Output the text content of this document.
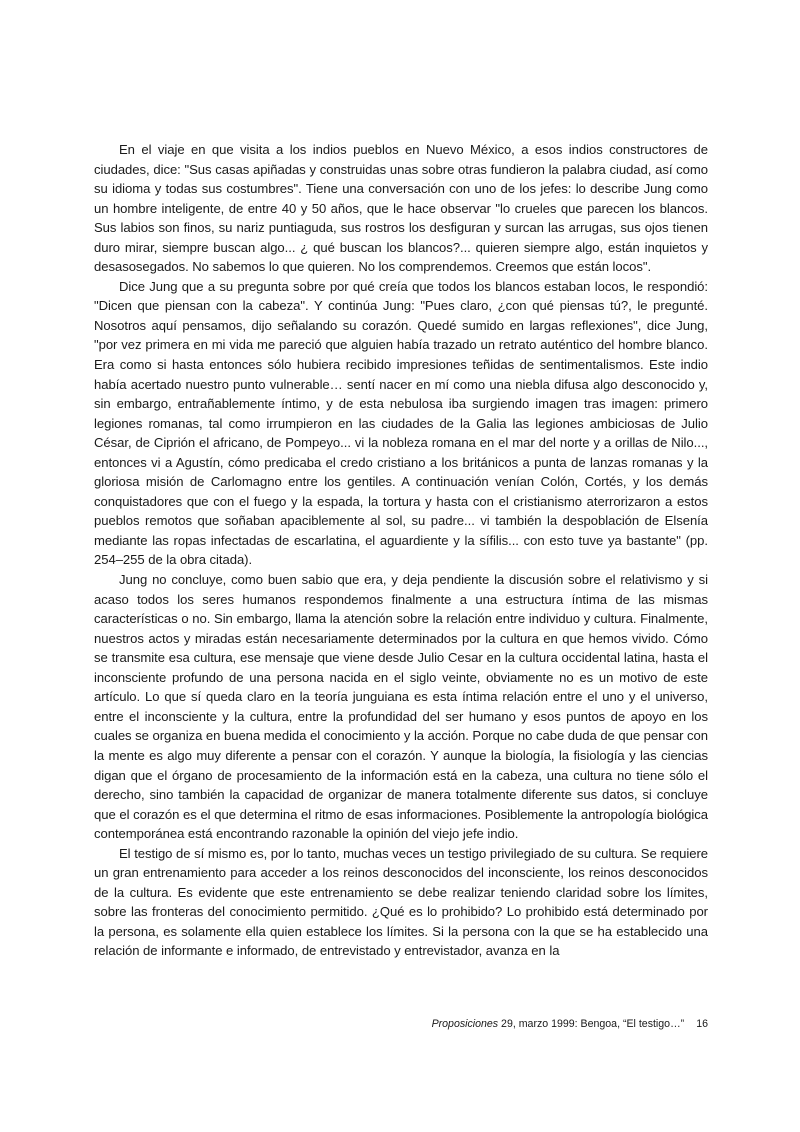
En el viaje en que visita a los indios pueblos en Nuevo México, a esos indios constructores de ciudades, dice: "Sus casas apiñadas y construidas unas sobre otras fundieron la palabra ciudad, así como su idioma y todas sus costumbres". Tiene una conversación con uno de los jefes: lo describe Jung como un hombre inteligente, de entre 40 y 50 años, que le hace observar "lo crueles que parecen los blancos. Sus labios son finos, su nariz puntiaguda, sus rostros los desfiguran y surcan las arrugas, sus ojos tienen duro mirar, siempre buscan algo... ¿ qué buscan los blancos?... quieren siempre algo, están inquietos y desasosegados. No sabemos lo que quieren. No los comprendemos. Creemos que están locos".

Dice Jung que a su pregunta sobre por qué creía que todos los blancos estaban locos, le respondió: "Dicen que piensan con la cabeza". Y continúa Jung: "Pues claro, ¿con qué piensas tú?, le pregunté. Nosotros aquí pensamos, dijo señalando su corazón. Quedé sumido en largas reflexiones", dice Jung, "por vez primera en mi vida me pareció que alguien había trazado un retrato auténtico del hombre blanco. Era como si hasta entonces sólo hubiera recibido impresiones teñidas de sentimentalismos. Este indio había acertado nuestro punto vulnerable… sentí nacer en mí como una niebla difusa algo desconocido y, sin embargo, entrañablemente íntimo, y de esta nebulosa iba surgiendo imagen tras imagen: primero legiones romanas, tal como irrumpieron en las ciudades de la Galia las legiones ambiciosas de Julio César, de Ciprión el africano, de Pompeyo... vi la nobleza romana en el mar del norte y a orillas de Nilo..., entonces vi a Agustín, cómo predicaba el credo cristiano a los británicos a punta de lanzas romanas y la gloriosa misión de Carlomagno entre los gentiles. A continuación venían Colón, Cortés, y los demás conquistadores que con el fuego y la espada, la tortura y hasta con el cristianismo aterrorizaron a estos pueblos remotos que soñaban apaciblemente al sol, su padre... vi también la despoblación de Elsenía mediante las ropas infectadas de escarlatina, el aguardiente y la sífilis... con esto tuve ya bastante" (pp. 254–255 de la obra citada).

Jung no concluye, como buen sabio que era, y deja pendiente la discusión sobre el relativismo y si acaso todos los seres humanos respondemos finalmente a una estructura íntima de las mismas características o no. Sin embargo, llama la atención sobre la relación entre individuo y cultura. Finalmente, nuestros actos y miradas están necesariamente determinados por la cultura en que hemos vivido. Cómo se transmite esa cultura, ese mensaje que viene desde Julio Cesar en la cultura occidental latina, hasta el inconsciente profundo de una persona nacida en el siglo veinte, obviamente no es un motivo de este artículo. Lo que sí queda claro en la teoría junguiana es esta íntima relación entre el uno y el universo, entre el inconsciente y la cultura, entre la profundidad del ser humano y esos puntos de apoyo en los cuales se organiza en buena medida el conocimiento y la acción. Porque no cabe duda de que pensar con la mente es algo muy diferente a pensar con el corazón. Y aunque la biología, la fisiología y las ciencias digan que el órgano de procesamiento de la información está en la cabeza, una cultura no tiene sólo el derecho, sino también la capacidad de organizar de manera totalmente diferente sus datos, si concluye que el corazón es el que determina el ritmo de esas informaciones. Posiblemente la antropología biológica contemporánea está encontrando razonable la opinión del viejo jefe indio.

El testigo de sí mismo es, por lo tanto, muchas veces un testigo privilegiado de su cultura. Se requiere un gran entrenamiento para acceder a los reinos desconocidos del inconsciente, los reinos desconocidos de la cultura. Es evidente que este entrenamiento se debe realizar teniendo claridad sobre los límites, sobre las fronteras del conocimiento permitido. ¿Qué es lo prohibido? Lo prohibido está determinado por la persona, es solamente ella quien establece los límites. Si la persona con la que se ha establecido una relación de informante e informado, de entrevistado y entrevistador, avanza en la

Proposiciones 29, marzo 1999: Bengoa, “El testigo…” 16
